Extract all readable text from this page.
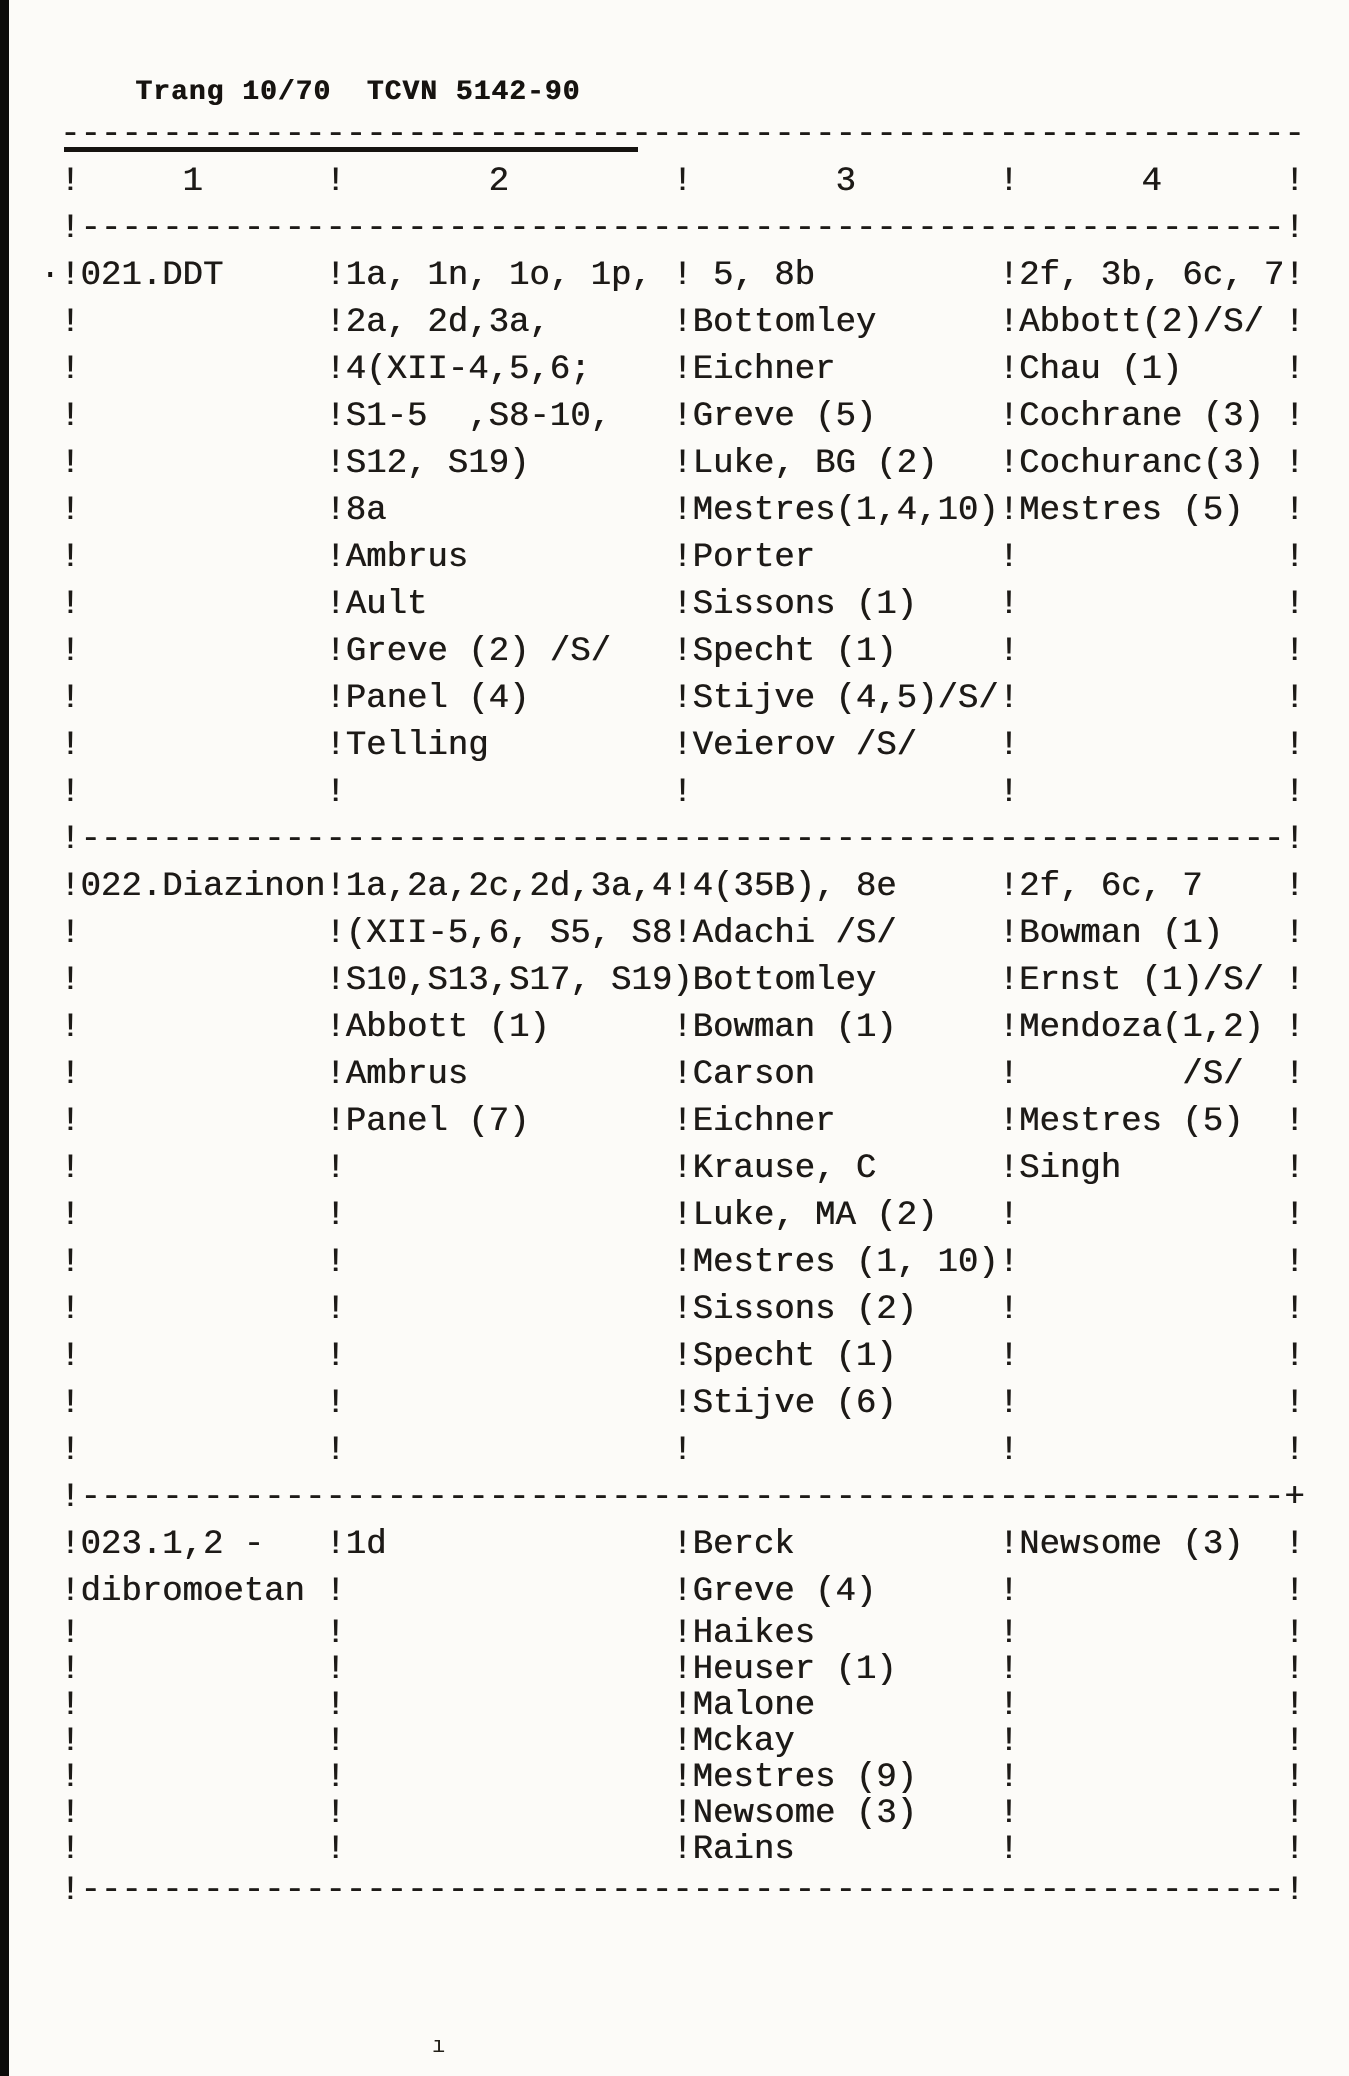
Trang 10/70  TCVN 5142-90

.
-------------------------------------------------------------
!     1      !       2        !       3       !      4      !
!-----------------------------------------------------------!
!021.DDT     !1a, 1n, 1o, 1p, ! 5, 8b         !2f, 3b, 6c, 7!
!            !2a, 2d,3a,      !Bottomley      !Abbott(2)/S/ !
!            !4(XII-4,5,6;    !Eichner        !Chau (1)     !
!            !S1-5  ,S8-10,   !Greve (5)      !Cochrane (3) !
!            !S12, S19)       !Luke, BG (2)   !Cochuranc(3) !
!            !8a              !Mestres(1,4,10)!Mestres (5)  !
!            !Ambrus          !Porter         !             !
!            !Ault            !Sissons (1)    !             !
!            !Greve (2) /S/   !Specht (1)     !             !
!            !Panel (4)       !Stijve (4,5)/S/!             !
!            !Telling         !Veierov /S/    !             !
!            !                !               !             !
!-----------------------------------------------------------!
!022.Diazinon!1a,2a,2c,2d,3a,4!4(35B), 8e     !2f, 6c, 7    !
!            !(XII-5,6, S5, S8!Adachi /S/     !Bowman (1)   !
!            !S10,S13,S17, S19)Bottomley      !Ernst (1)/S/ !
!            !Abbott (1)      !Bowman (1)     !Mendoza(1,2) !
!            !Ambrus          !Carson         !        /S/  !
!            !Panel (7)       !Eichner        !Mestres (5)  !
!            !                !Krause, C      !Singh        !
!            !                !Luke, MA (2)   !             !
!            !                !Mestres (1, 10)!             !
!            !                !Sissons (2)    !             !
!            !                !Specht (1)     !             !
!            !                !Stijve (6)     !             !
!            !                !               !             !
!-----------------------------------------------------------+
!023.1,2 -   !1d              !Berck          !Newsome (3)  !
!dibromoetan !                !Greve (4)      !             !
!            !                !Haikes         !             !
!            !                !Heuser (1)     !             !
!            !                !Malone         !             !
!            !                !Mckay          !             !
!            !                !Mestres (9)    !             !
!            !                !Newsome (3)    !             !
!            !                !Rains          !             !
!-----------------------------------------------------------!
ı
